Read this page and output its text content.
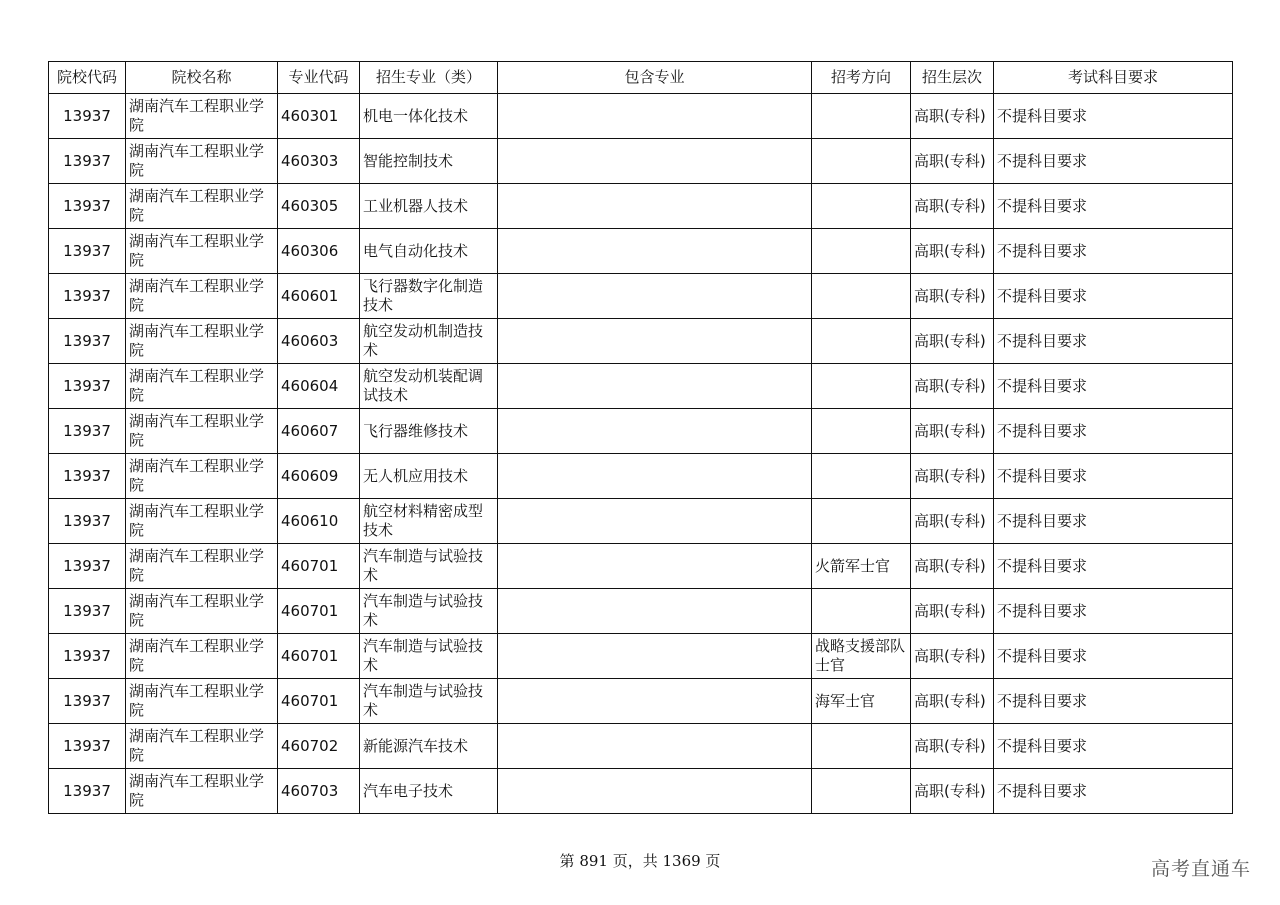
院校代码	院校名称	专业代码	招生专业（类）	包含专业	招考方向	招生层次	考试科目要求
13937	湖南汽车工程职业学院	460301	机电一体化技术			高职(专科)	不提科目要求
13937	湖南汽车工程职业学院	460303	智能控制技术			高职(专科)	不提科目要求
13937	湖南汽车工程职业学院	460305	工业机器人技术			高职(专科)	不提科目要求
13937	湖南汽车工程职业学院	460306	电气自动化技术			高职(专科)	不提科目要求
13937	湖南汽车工程职业学院	460601	飞行器数字化制造技术			高职(专科)	不提科目要求
13937	湖南汽车工程职业学院	460603	航空发动机制造技术			高职(专科)	不提科目要求
13937	湖南汽车工程职业学院	460604	航空发动机装配调试技术			高职(专科)	不提科目要求
13937	湖南汽车工程职业学院	460607	飞行器维修技术			高职(专科)	不提科目要求
13937	湖南汽车工程职业学院	460609	无人机应用技术			高职(专科)	不提科目要求
13937	湖南汽车工程职业学院	460610	航空材料精密成型技术			高职(专科)	不提科目要求
13937	湖南汽车工程职业学院	460701	汽车制造与试验技术		火箭军士官	高职(专科)	不提科目要求
13937	湖南汽车工程职业学院	460701	汽车制造与试验技术			高职(专科)	不提科目要求
13937	湖南汽车工程职业学院	460701	汽车制造与试验技术		战略支援部队士官	高职(专科)	不提科目要求
13937	湖南汽车工程职业学院	460701	汽车制造与试验技术		海军士官	高职(专科)	不提科目要求
13937	湖南汽车工程职业学院	460702	新能源汽车技术			高职(专科)	不提科目要求
13937	湖南汽车工程职业学院	460703	汽车电子技术			高职(专科)	不提科目要求
第 891 页，共 1369 页	高考直通车
